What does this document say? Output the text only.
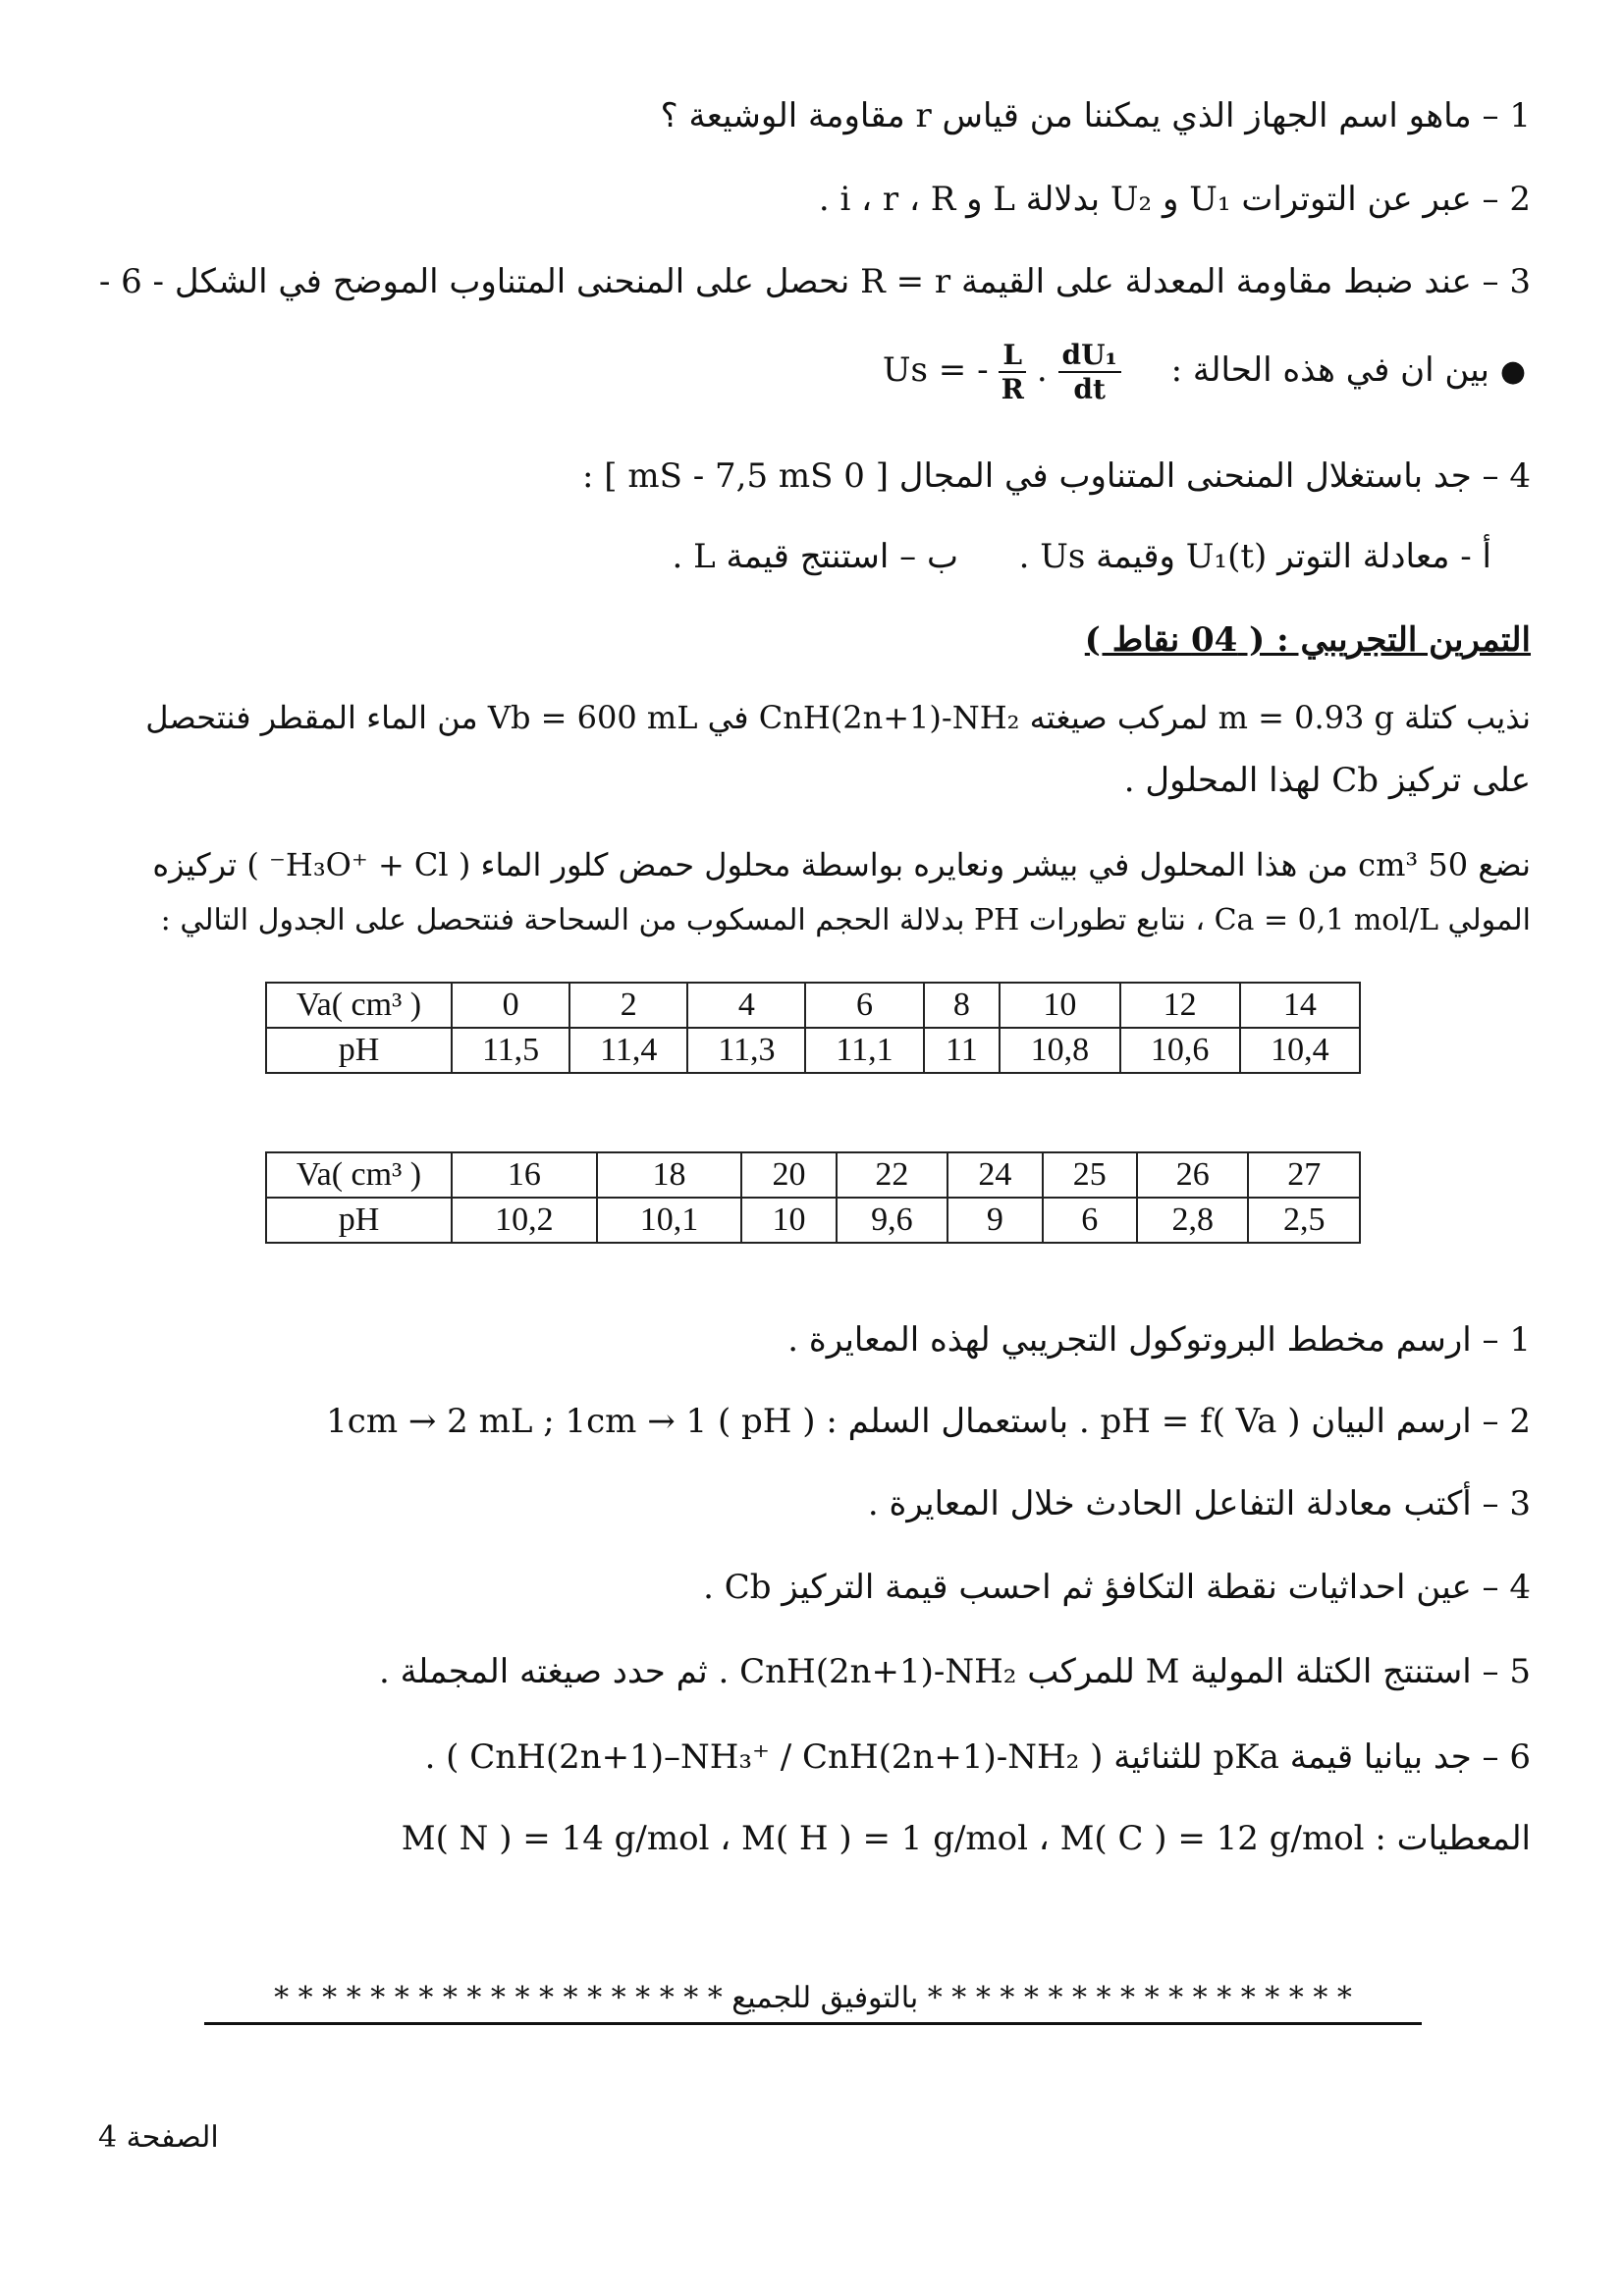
1 – ماهو اسم الجهاز الذي يمكننا من قياس r مقاومة الوشيعة ؟
2 – عبر عن التوترات U₁ و U₂ بدلالة L و i ، r ، R .
3 – عند ضبط مقاومة المعدلة على القيمة R = r نحصل على المنحنى المتناوب الموضح في الشكل - 6 -
● بين ان في هذه الحالة : Us = - $\frac{L}{R}$ . $\frac{\text{dU₁}}{dt}$
4 – جد باستغلال المنحنى المتناوب في المجال [ 0 mS - 7,5 mS ] :
أ - معادلة التوتر U₁(t) وقيمة Us .  ب – استنتج قيمة L .
التمرين التجريبي : ( 04 نقاط )
نذيب كتلة m = 0.93 g لمركب صيغته CnH(2n+1)-NH₂ في Vb = 600 mL من الماء المقطر فنتحصل
على تركيز Cb لهذا المحلول .
نضع 50 cm³ من هذا المحلول في بيشر ونعايره بواسطة محلول حمض كلور الماء ( H₃O⁺ + Cl⁻ ) تركيزه
المولي Ca = 0,1 mol/L ، نتابع تطورات PH بدلالة الحجم المسكوب من السحاحة فنتحصل على الجدول التالي :
Va( cm³ )	0	2	4	6	8	10	12	14
pH	11,5	11,4	11,3	11,1	11	10,8	10,6	10,4
Va( cm³ )	16	18	20	22	24	25	26	27
pH	10,2	10,1	10	9,6	9	6	2,8	2,5
1 – ارسم مخطط البروتوكول التجريبي لهذه المعايرة .
2 – ارسم البيان pH = f( Va ) . باستعمال السلم : 1cm → 2 mL ; 1cm → 1 ( pH )
3 – أكتب معادلة التفاعل الحادث خلال المعايرة .
4 – عين احداثيات نقطة التكافؤ ثم احسب قيمة التركيز Cb .
5 – استنتج الكتلة المولية M للمركب CnH(2n+1)-NH₂ . ثم حدد صيغته المجملة .
6 – جد بيانيا قيمة pKa للثنائية ( CnH(2n+1)–NH₃⁺ / CnH(2n+1)-NH₂ ) .
المعطيات : M( N ) = 14 g/mol ، M( H ) = 1 g/mol ، M( C ) = 12 g/mol
* * * * * * * * * * * * * * * * * * بالتوفيق للجميع * * * * * * * * * * * * * * * * * * *
الصفحة 4
